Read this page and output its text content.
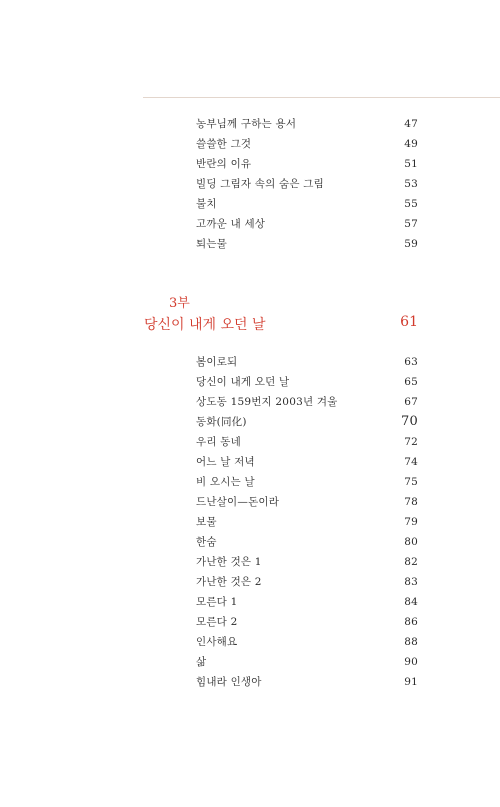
농부님께 구하는 용서	47
쓸쓸한 그것	49
반란의 이유	51
빌딩 그림자 속의 숨은 그림	53
불치	55
고까운 내 세상	57
퇴는물	59
3부
당신이 내게 오던 날	61
봄이로되	63
당신이 내게 오던 날	65
상도동 159번지 2003년 겨울	67
동화(同化)	70
우리 동네	72
어느 날 저녁	74
비 오시는 날	75
드난살이—돈이라	78
보물	79
한숨	80
가난한 것은 1	82
가난한 것은 2	83
모른다 1	84
모른다 2	86
인사해요	88
삶	90
힘내라 인생아	91
